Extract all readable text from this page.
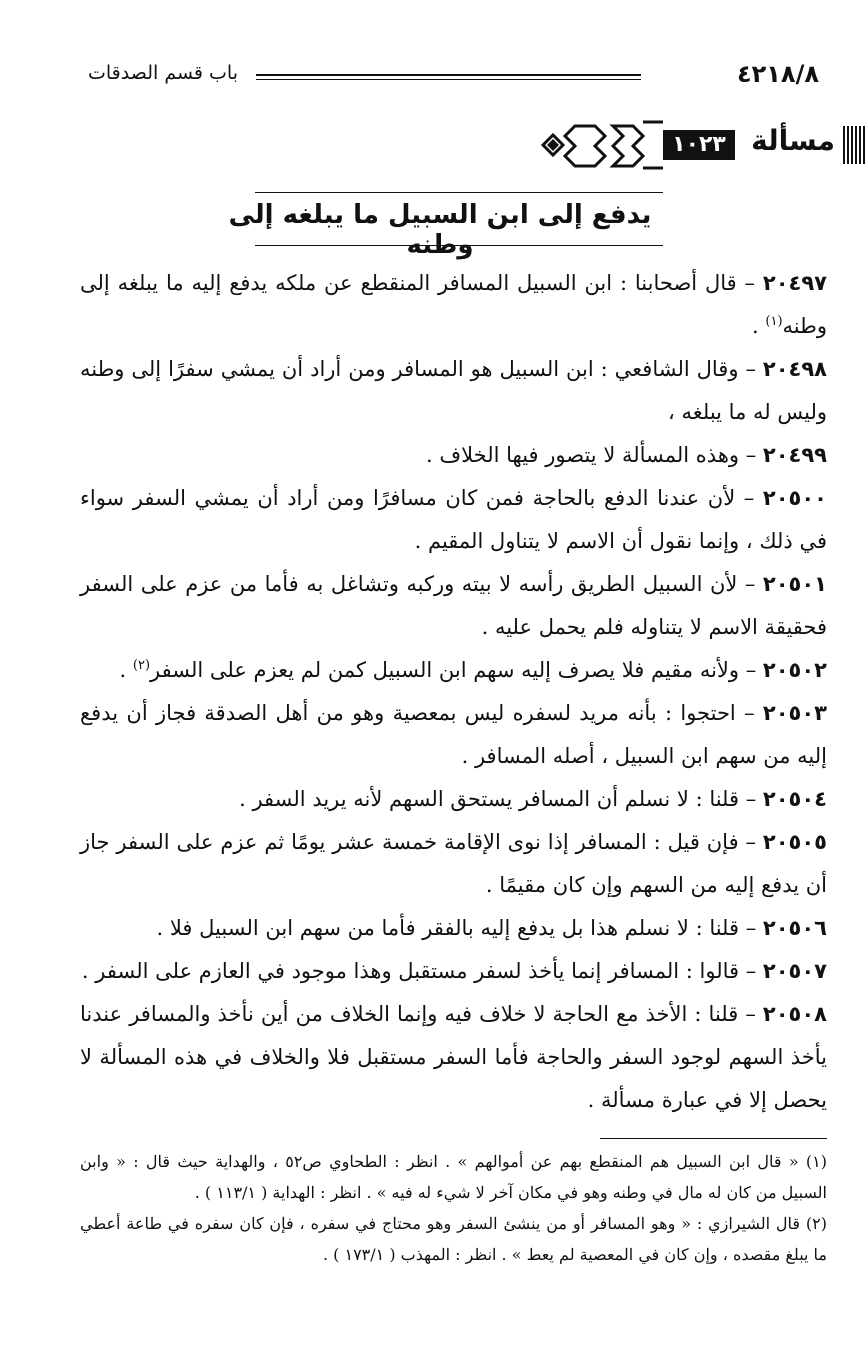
باب قسم الصدقات	٤٢١٨/٨
مسألة
١٠٢٣
يدفع إلى ابن السبيل ما يبلغه إلى وطنه

٢٠٤٩٧ – قال أصحابنا : ابن السبيل المسافر المنقطع عن ملكه يدفع إليه ما يبلغه إلى وطنه$^{(١)}$ .

٢٠٤٩٨ – وقال الشافعي : ابن السبيل هو المسافر ومن أراد أن يمشي سفرًا إلى وطنه وليس له ما يبلغه ،

٢٠٤٩٩ – وهذه المسألة لا يتصور فيها الخلاف .

٢٠٥٠٠ – لأن عندنا الدفع بالحاجة فمن كان مسافرًا ومن أراد أن يمشي السفر سواء في ذلك ، وإنما نقول أن الاسم لا يتناول المقيم .

٢٠٥٠١ – لأن السبيل الطريق رأسه لا بيته وركبه وتشاغل به فأما من عزم على السفر فحقيقة الاسم لا يتناوله فلم يحمل عليه .

٢٠٥٠٢ – ولأنه مقيم فلا يصرف إليه سهم ابن السبيل كمن لم يعزم على السفر$^{(٢)}$ .

٢٠٥٠٣ – احتجوا : بأنه مريد لسفره ليس بمعصية وهو من أهل الصدقة فجاز أن يدفع إليه من سهم ابن السبيل ، أصله المسافر .

٢٠٥٠٤ – قلنا : لا نسلم أن المسافر يستحق السهم لأنه يريد السفر .

٢٠٥٠٥ – فإن قيل : المسافر إذا نوى الإقامة خمسة عشر يومًا ثم عزم على السفر جاز أن يدفع إليه من السهم وإن كان مقيمًا .

٢٠٥٠٦ – قلنا : لا نسلم هذا بل يدفع إليه بالفقر فأما من سهم ابن السبيل فلا .

٢٠٥٠٧ – قالوا : المسافر إنما يأخذ لسفر مستقبل وهذا موجود في العازم على السفر .

٢٠٥٠٨ – قلنا : الأخذ مع الحاجة لا خلاف فيه وإنما الخلاف من أين نأخذ والمسافر عندنا يأخذ السهم لوجود السفر والحاجة فأما السفر مستقبل فلا والخلاف في هذه المسألة لا يحصل إلا في عبارة مسألة .

(١) « قال ابن السبيل هم المنقطع بهم عن أموالهم » . انظر : الطحاوي ص٥٢ ، والهداية حيث قال : « وابن السبيل من كان له مال في وطنه وهو في مكان آخر لا شيء له فيه » . انظر : الهداية ( ١١٣/١ ) .

(٢) قال الشيرازي : « وهو المسافر أو من ينشئ السفر وهو محتاج في سفره ، فإن كان سفره في طاعة أعطي ما يبلغ مقصده ، وإن كان في المعصية لم يعط » . انظر : المهذب ( ١٧٣/١ ) .
